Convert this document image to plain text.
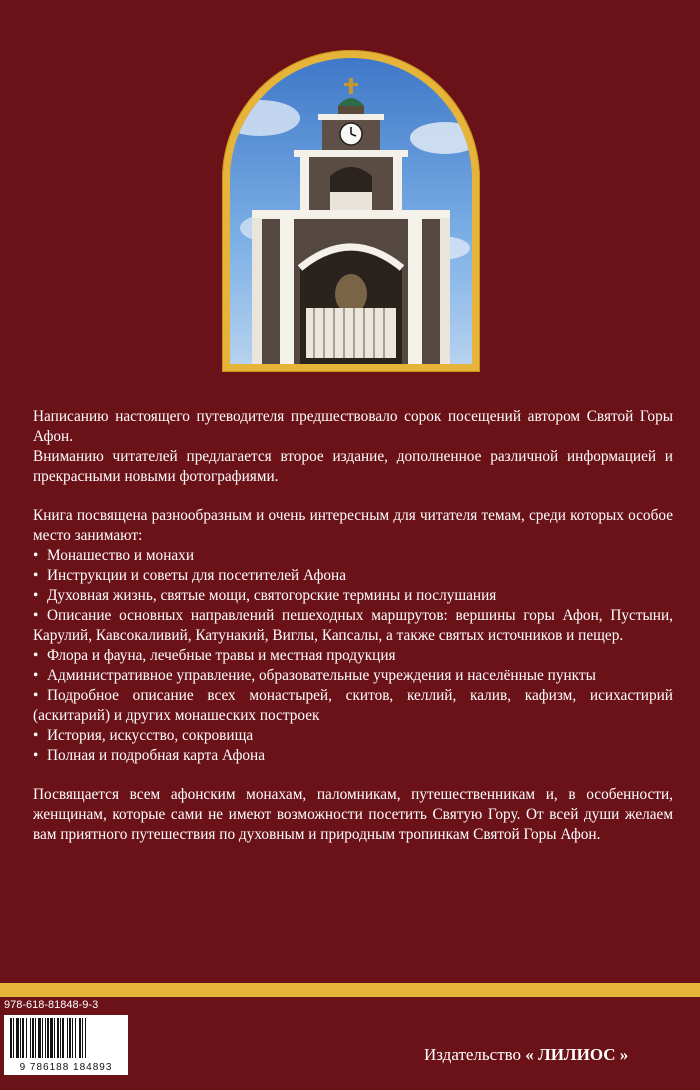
Написанию настоящего путеводителя предшествовало сорок посещений автором Святой Горы Афон.

Вниманию читателей предлагается второе издание, дополненное различной информацией и прекрасными новыми фотографиями.

Книга посвящена разнообразным и очень интересным для читателя темам, среди которых особое место занимают:

• Монашество и монахи
• Инструкции и советы для посетителей Афона
• Духовная жизнь, святые мощи, святогорские термины и послушания
• Описание основных направлений пешеходных маршрутов: вершины горы Афон, Пустыни, Карулий, Кавсокаливий, Катунакий, Виглы, Капсалы, а также святых источников и пещер.
• Флора и фауна, лечебные травы и местная продукция
• Административное управление, образовательные учреждения и населённые пункты
• Подробное описание всех монастырей, скитов, келлий, калив, кафизм, исихастирий (аскитарий) и других монашеских построек
• История, искусство, сокровища
• Полная и подробная карта Афона

Посвящается всем афонским монахам, паломникам, путешественникам и, в особенности, женщинам, которые сами не имеют возможности посетить Святую Гору. От всей души желаем вам приятного путешествия по духовным и природным тропинкам Святой Горы Афон.

978-618-81848-9-3
9 786188 184893
Издательство « ЛИЛИОС »
